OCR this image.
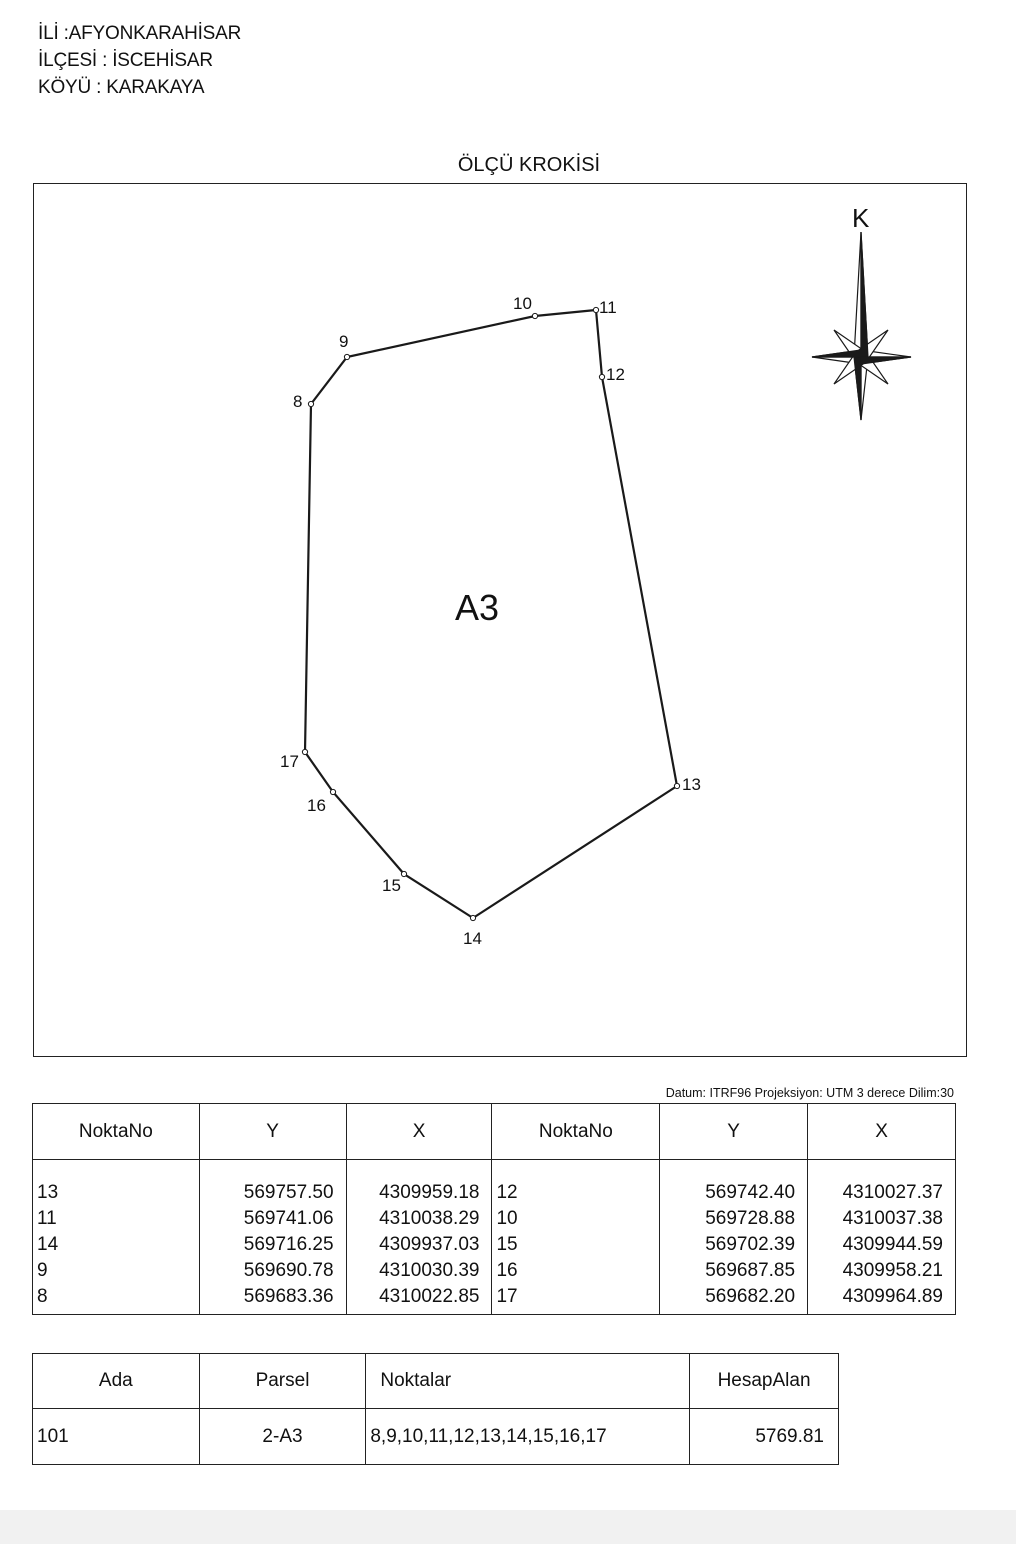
İLİ :AFYONKARAHİSAR
İLÇESİ : İSCEHİSAR
KÖYÜ : KARAKAYA
ÖLÇÜ KROKİSİ
8
9
10	11
12
13
14
15
16
17
A3
K
Datum: ITRF96 Projeksiyon: UTM 3 derece Dilim:30
NoktaNo	Y	X	NoktaNo	Y	X
13	569757.50	4309959.18	12	569742.40	4310027.37
11	569741.06	4310038.29	10	569728.88	4310037.38
14	569716.25	4309937.03	15	569702.39	4309944.59
9	569690.78	4310030.39	16	569687.85	4309958.21
8	569683.36	4310022.85	17	569682.20	4309964.89
Ada	Parsel	Noktalar	HesapAlan
101	2-A3	8,9,10,11,12,13,14,15,16,17	5769.81
